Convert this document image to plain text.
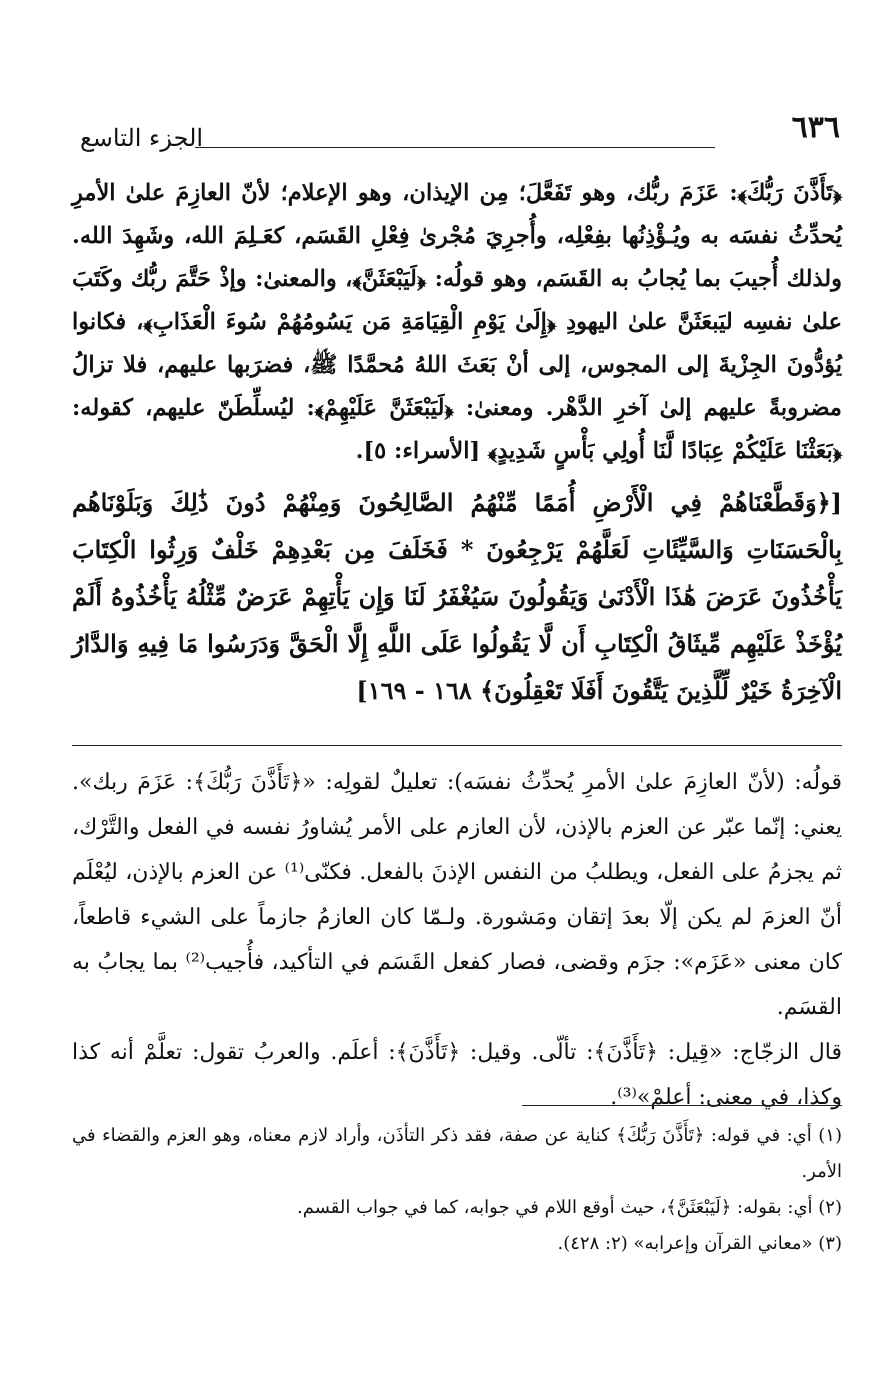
٦٣٦
الجزء التاسع

﴿تَأَذَّنَ رَبُّكَ﴾: عَزَمَ ربُّك، وهو تَفَعَّلَ؛ مِن الإيذان، وهو الإعلام؛ لأنّ العازِمَ علىٰ الأمرِ يُحدِّثُ نفسَه به ويُـؤْذِنُها بفِعْلِه، وأُجرِيَ مُجْرىٰ فِعْلِ القَسَم، كعَـلِمَ الله، وشَهِدَ الله. ولذلك أُجيبَ بما يُجابُ به القَسَم، وهو قولُه: ﴿لَيَبْعَثَنَّ﴾، والمعنىٰ: وإذْ حَتَّمَ ربُّك وكَتَبَ علىٰ نفسِه ليَبعَثَنَّ علىٰ اليهودِ ﴿إِلَىٰ يَوْمِ الْقِيَامَةِ مَن يَسُومُهُمْ سُوءَ الْعَذَابِ﴾، فكانوا يُؤدُّونَ الجِزْيةَ إلى المجوس، إلى أنْ بَعَثَ اللهُ مُحمَّدًا ﷺ، فضرَبها عليهم، فلا تزالُ مضروبةً عليهم إلىٰ آخرِ الدَّهْر. ومعنىٰ: ﴿لَيَبْعَثَنَّ عَلَيْهِمْ﴾: ليُسلِّطَنّ عليهم، كقوله: ﴿بَعَثْنَا عَلَيْكُمْ عِبَادًا لَّنَا أُولِي بَأْسٍ شَدِيدٍ﴾ [الأسراء: ٥].

[﴿وَقَطَّعْنَاهُمْ فِي الْأَرْضِ أُمَمًا مِّنْهُمُ الصَّالِحُونَ وَمِنْهُمْ دُونَ ذَٰلِكَ وَبَلَوْنَاهُم بِالْحَسَنَاتِ وَالسَّيِّئَاتِ لَعَلَّهُمْ يَرْجِعُونَ * فَخَلَفَ مِن بَعْدِهِمْ خَلْفٌ وَرِثُوا الْكِتَابَ يَأْخُذُونَ عَرَضَ هَٰذَا الْأَدْنَىٰ وَيَقُولُونَ سَيُغْفَرُ لَنَا وَإِن يَأْتِهِمْ عَرَضٌ مِّثْلُهُ يَأْخُذُوهُ أَلَمْ يُؤْخَذْ عَلَيْهِم مِّيثَاقُ الْكِتَابِ أَن لَّا يَقُولُوا عَلَى اللَّهِ إِلَّا الْحَقَّ وَدَرَسُوا مَا فِيهِ وَالدَّارُ الْآخِرَةُ خَيْرٌ لِّلَّذِينَ يَتَّقُونَ أَفَلَا تَعْقِلُونَ﴾ ١٦٨ - ١٦٩]

قولُه: (لأنّ العازِمَ علىٰ الأمرِ يُحدِّثُ نفسَه): تعليلٌ لقولِه: «﴿تَأَذَّنَ رَبُّكَ﴾: عَزَمَ ربك». يعني: إنّما عبّر عن العزم بالإذن، لأن العازم على الأمر يُشاورُ نفسه في الفعل والتَّرْك، ثم يجزمُ على الفعل، ويطلبُ من النفس الإذنَ بالفعل. فكنّى⁽¹⁾ عن العزم بالإذن، ليُعْلَم أنّ العزمَ لم يكن إلّا بعدَ إتقان ومَشورة. ولـمّا كان العازمُ جازماً على الشيء قاطعاً، كان معنى «عَزَم»: جزَم وقضى، فصار كفعل القَسَم في التأكيد، فأُجيب⁽²⁾ بما يجابُ به القسَم.

قال الزجّاج: «قِيل: ﴿تَأَذَّنَ﴾: تألّى. وقيل: ﴿تَأَذَّنَ﴾: أعلَم. والعربُ تقول: تعلَّمْ أنه كذا وكذا، في معنى: أعلمْ»⁽³⁾.

(١) أي: في قوله: ﴿تَأَذَّنَ رَبُّكَ﴾ كناية عن صفة، فقد ذكر التأذَن، وأراد لازم معناه، وهو العزم والقضاء في الأمر.

(٢) أي: بقوله: ﴿لَيَبْعَثَنَّ﴾، حيث أوقع اللام في جوابه، كما في جواب القسم.

(٣) «معاني القرآن وإعرابه» (٢: ٤٢٨).
